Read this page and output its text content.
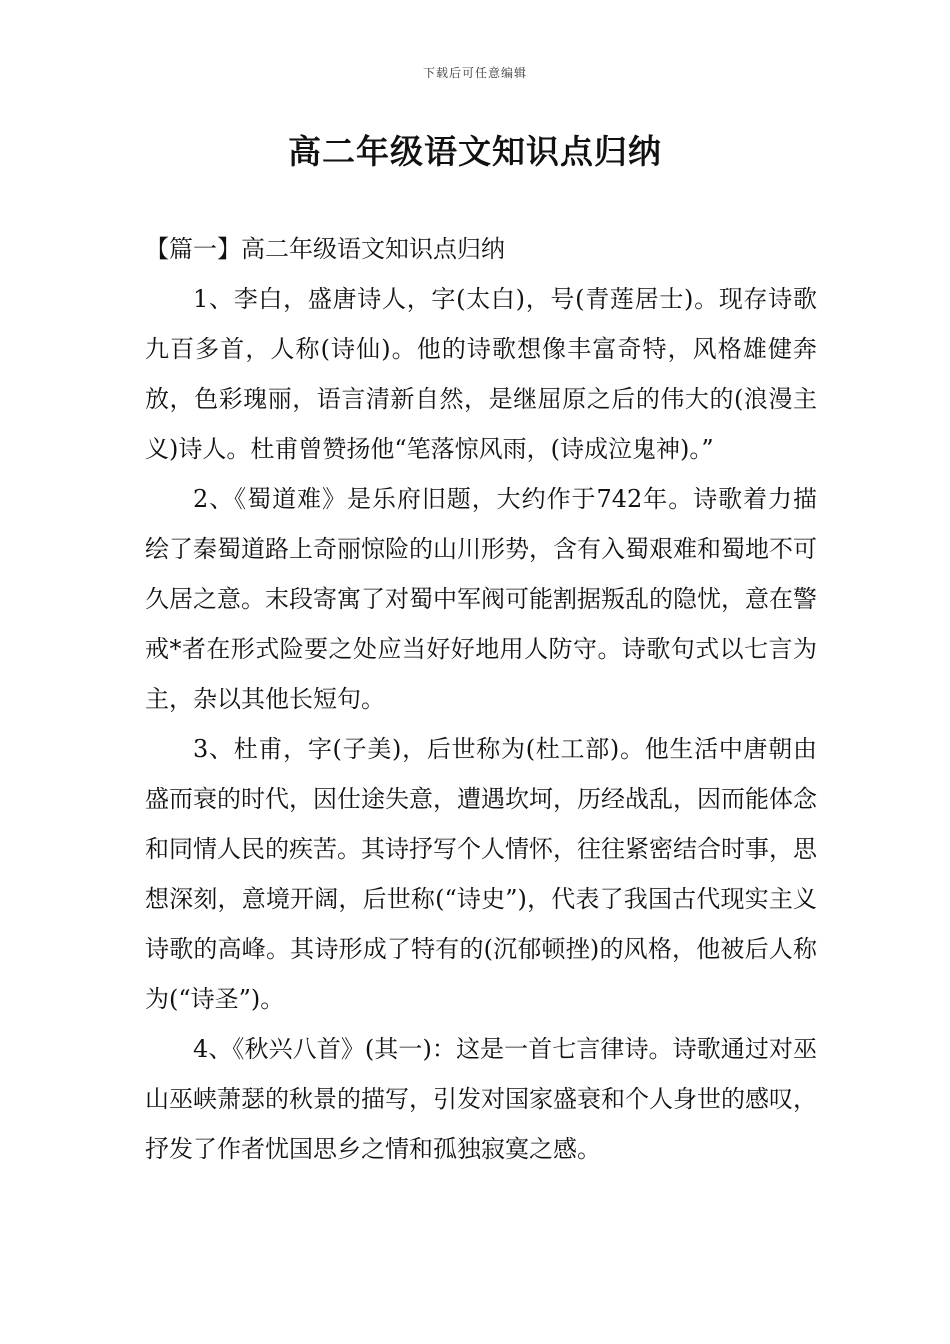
下载后可任意编辑
高二年级语文知识点归纳

【篇一】高二年级语文知识点归纳

1、李白，盛唐诗人，字(太白)，号(青莲居士)。现存诗歌九百多首，人称(诗仙)。他的诗歌想像丰富奇特，风格雄健奔放，色彩瑰丽，语言清新自然，是继屈原之后的伟大的(浪漫主义)诗人。杜甫曾赞扬他“笔落惊风雨，(诗成泣鬼神)。”

2、《蜀道难》是乐府旧题，大约作于742年。诗歌着力描绘了秦蜀道路上奇丽惊险的山川形势，含有入蜀艰难和蜀地不可久居之意。末段寄寓了对蜀中军阀可能割据叛乱的隐忧，意在警戒*者在形式险要之处应当好好地用人防守。诗歌句式以七言为主，杂以其他长短句。

3、杜甫，字(子美)，后世称为(杜工部)。他生活中唐朝由盛而衰的时代，因仕途失意，遭遇坎坷，历经战乱，因而能体念和同情人民的疾苦。其诗抒写个人情怀，往往紧密结合时事，思想深刻，意境开阔，后世称(“诗史”)，代表了我国古代现实主义诗歌的高峰。其诗形成了特有的(沉郁顿挫)的风格，他被后人称为(“诗圣”)。

4、《秋兴八首》(其一)：这是一首七言律诗。诗歌通过对巫山巫峡萧瑟的秋景的描写，引发对国家盛衰和个人身世的感叹，抒发了作者忧国思乡之情和孤独寂寞之感。
